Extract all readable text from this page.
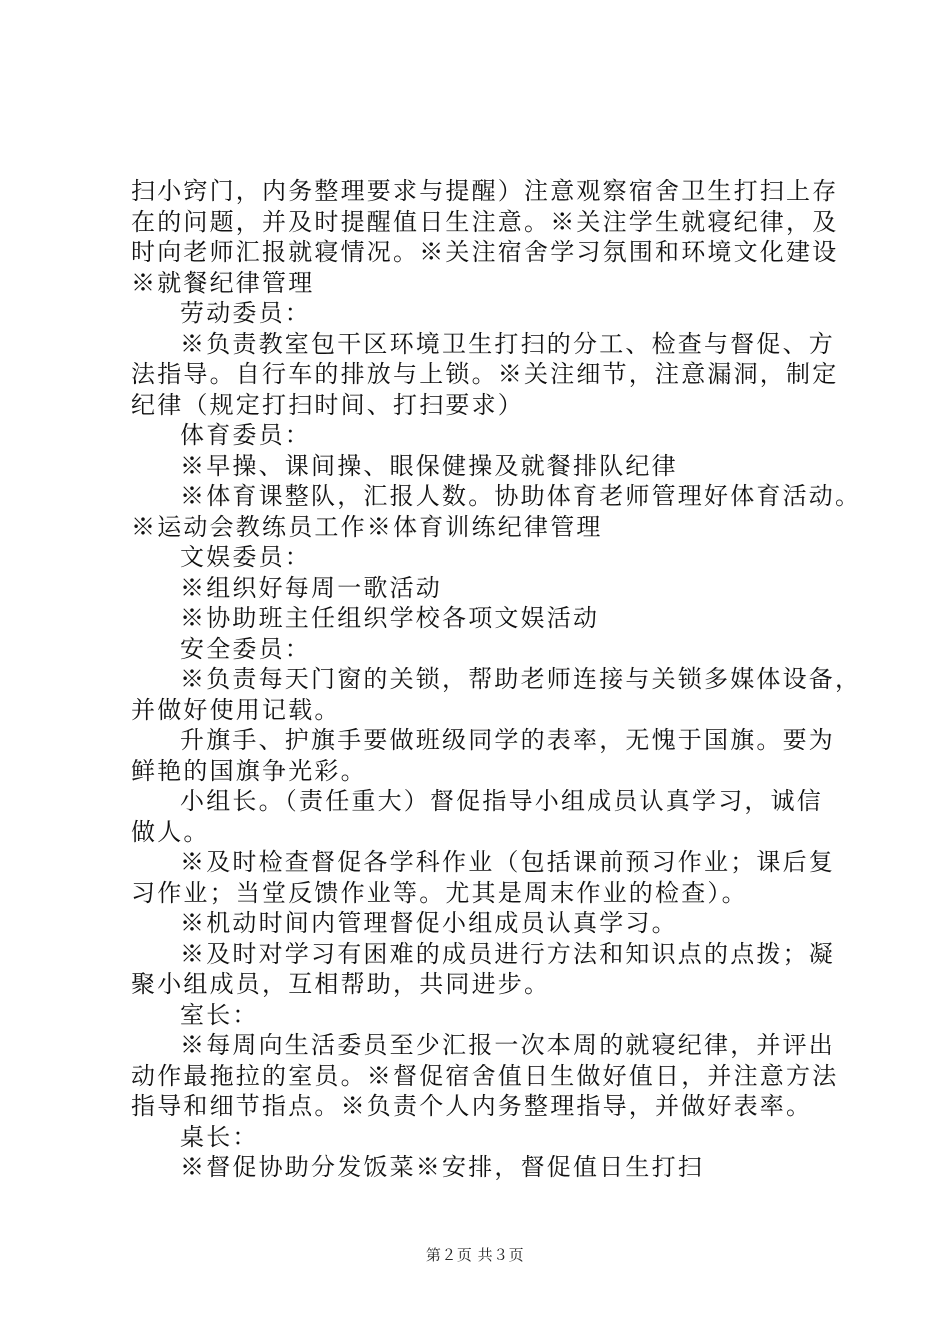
扫小窍门，内务整理要求与提醒）注意观察宿舍卫生打扫上存
在的问题，并及时提醒值日生注意。※关注学生就寝纪律，及
时向老师汇报就寝情况。※关注宿舍学习氛围和环境文化建设
※就餐纪律管理
劳动委员：
※负责教室包干区环境卫生打扫的分工、检查与督促、方
法指导。自行车的排放与上锁。※关注细节，注意漏洞，制定
纪律（规定打扫时间、打扫要求）
体育委员：
※早操、课间操、眼保健操及就餐排队纪律
※体育课整队，汇报人数。协助体育老师管理好体育活动。
※运动会教练员工作※体育训练纪律管理
文娱委员：
※组织好每周一歌活动
※协助班主任组织学校各项文娱活动
安全委员：
※负责每天门窗的关锁，帮助老师连接与关锁多媒体设备，
并做好使用记载。
升旗手、护旗手要做班级同学的表率，无愧于国旗。要为
鲜艳的国旗争光彩。
小组长。（责任重大）督促指导小组成员认真学习，诚信
做人。
※及时检查督促各学科作业（包括课前预习作业；课后复
习作业；当堂反馈作业等。尤其是周末作业的检查）。
※机动时间内管理督促小组成员认真学习。
※及时对学习有困难的成员进行方法和知识点的点拨；凝
聚小组成员，互相帮助，共同进步。
室长：
※每周向生活委员至少汇报一次本周的就寝纪律，并评出
动作最拖拉的室员。※督促宿舍值日生做好值日，并注意方法
指导和细节指点。※负责个人内务整理指导，并做好表率。
桌长：
※督促协助分发饭菜※安排，督促值日生打扫
第２页 共３页
